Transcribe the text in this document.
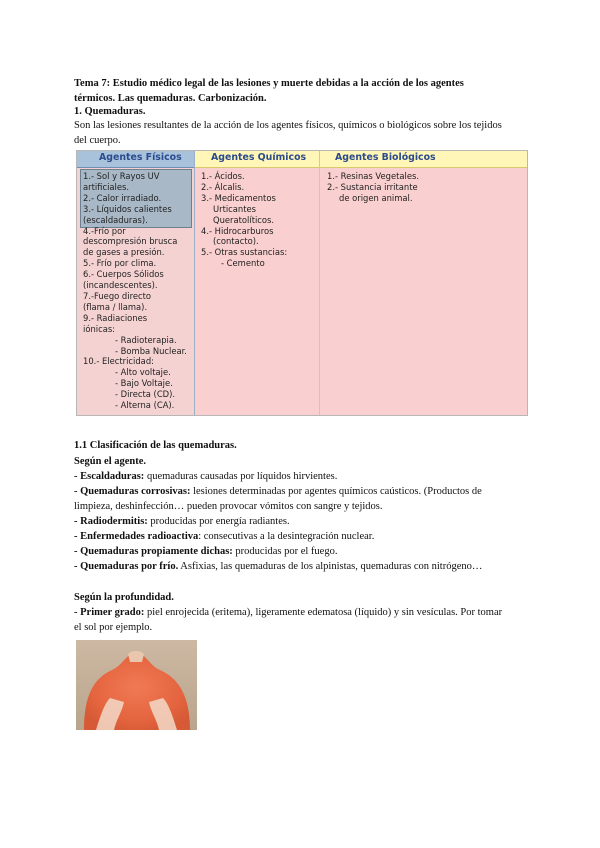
Tema 7: Estudio médico legal de las lesiones y muerte debidas a la acción de los agentes
térmicos. Las quemaduras. Carbonización.
1. Quemaduras.
Son las lesiones resultantes de la acción de los agentes físicos, químicos o biológicos sobre los tejidos
del cuerpo.
Agentes Físicos	Agentes Químicos	Agentes Biológicos
1.- Sol y Rayos UV
artificiales.
2.- Calor irradiado.
3.- Líquidos calientes
(escaldaduras).
4.-Frío por
descompresión brusca
de gases a presión.
5.- Frío por clima.
6.- Cuerpos Sólidos
(incandescentes).
7.-Fuego directo
(flama / llama).
9.- Radiaciones
iónicas:
- Radioterapia.
- Bomba Nuclear.
10.- Electricidad:
- Alto voltaje.
- Bajo Voltaje.
- Directa (CD).
- Alterna (CA).
1.- Ácidos.
2.- Álcalis.
3.- Medicamentos
Urticantes
Queratolíticos.
4.- Hidrocarburos
(contacto).
5.- Otras sustancias:
- Cemento
1.- Resinas Vegetales.
2.- Sustancia irritante
de origen animal.
1.1 Clasificación de las quemaduras.
Según el agente.
- Escaldaduras: quemaduras causadas por líquidos hirvientes.
- Quemaduras corrosivas: lesiones determinadas por agentes químicos caústicos. (Productos de
limpieza, deshinfección… pueden provocar vómitos con sangre y tejidos.
- Radiodermitis: producidas por energía radiantes.
- Enfermedades radioactiva: consecutivas a la desintegración nuclear.
- Quemaduras propiamente dichas: producidas por el fuego.
- Quemaduras por frío. Asfixias, las quemaduras de los alpinistas, quemaduras con nitrógeno…
Según la profundidad.
- Primer grado: piel enrojecida (eritema), ligeramente edematosa (líquido) y sin vesículas. Por tomar
el sol por ejemplo.
